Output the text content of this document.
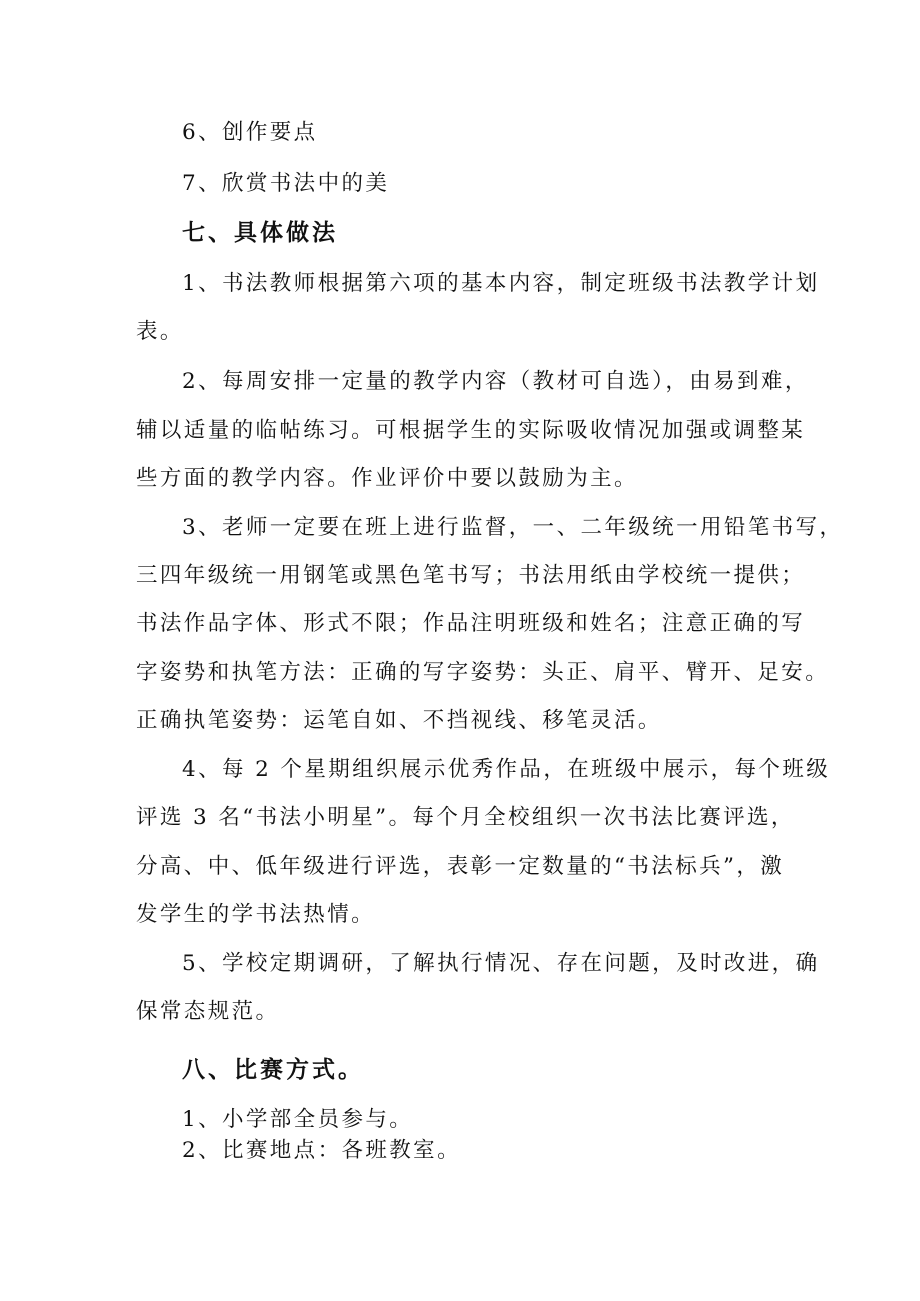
6、创作要点
7、欣赏书法中的美
七、具体做法
1、书法教师根据第六项的基本内容，制定班级书法教学计划
表。
2、每周安排一定量的教学内容（教材可自选），由易到难，
辅以适量的临帖练习。可根据学生的实际吸收情况加强或调整某
些方面的教学内容。作业评价中要以鼓励为主。
3、老师一定要在班上进行监督，一、二年级统一用铅笔书写，
三四年级统一用钢笔或黑色笔书写；书法用纸由学校统一提供；
书法作品字体、形式不限；作品注明班级和姓名；注意正确的写
字姿势和执笔方法：正确的写字姿势：头正、肩平、臂开、足安。
正确执笔姿势：运笔自如、不挡视线、移笔灵活。
4、每 2 个星期组织展示优秀作品，在班级中展示，每个班级
评选 3 名“书法小明星”。每个月全校组织一次书法比赛评选，
分高、中、低年级进行评选，表彰一定数量的“书法标兵”，激
发学生的学书法热情。
5、学校定期调研，了解执行情况、存在问题，及时改进，确
保常态规范。
八、比赛方式。
1、小学部全员参与。
2、比赛地点：各班教室。
